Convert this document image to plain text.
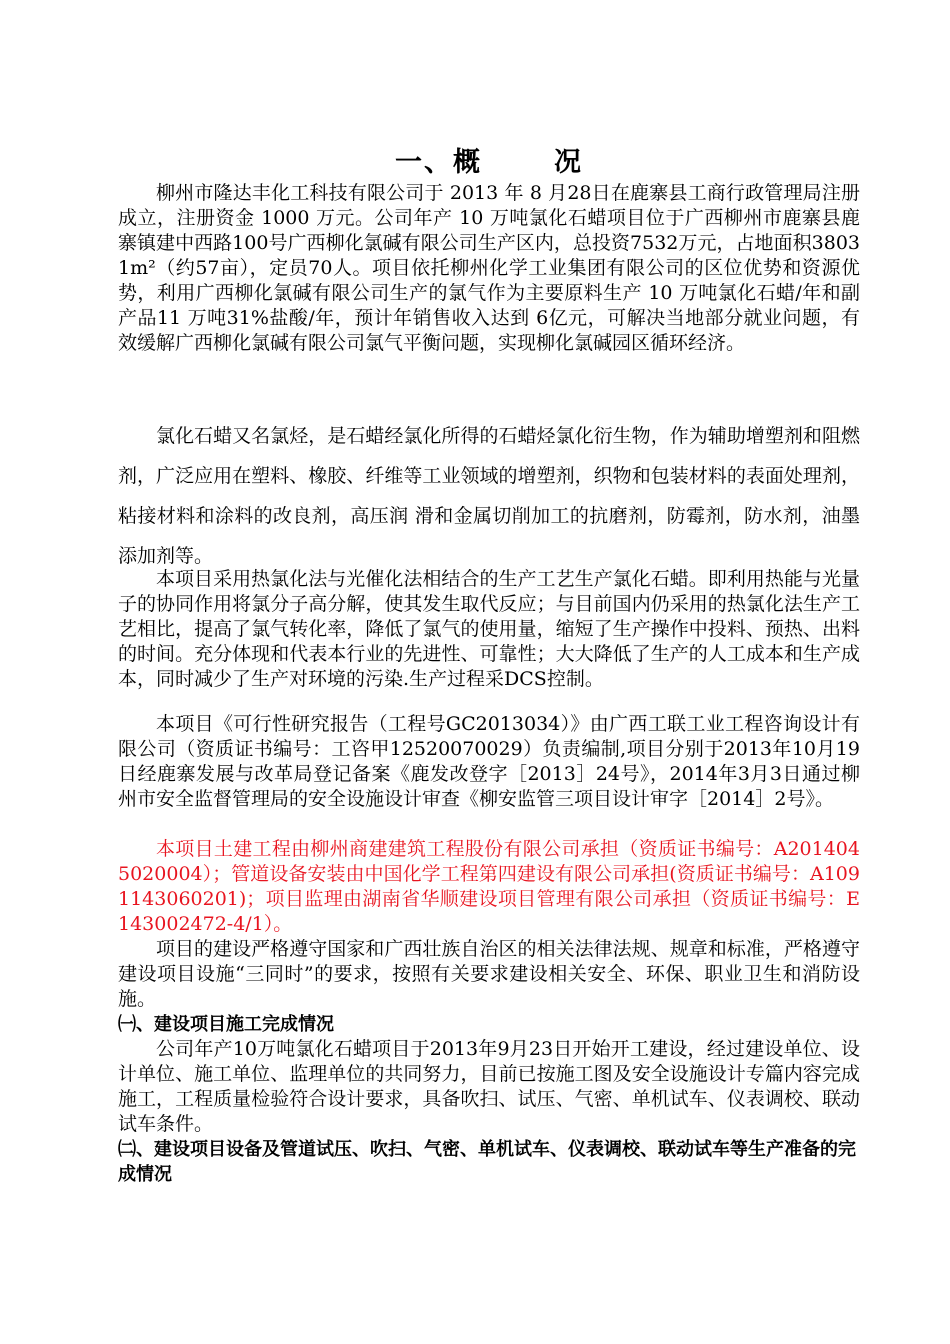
一、概	况

柳州市隆达丰化工科技有限公司于 2013 年 8 月28日在鹿寨县工商行政管理局注册成立，注册资金 1000 万元。公司年产 10 万吨氯化石蜡项目位于广西柳州市鹿寨县鹿寨镇建中西路100号广西柳化氯碱有限公司生产区内，总投资7532万元，占地面积38031m²（约57亩），定员70人。项目依托柳州化学工业集团有限公司的区位优势和资源优势，利用广西柳化氯碱有限公司生产的氯气作为主要原料生产 10 万吨氯化石蜡/年和副产品11 万吨31%盐酸/年，预计年销售收入达到 6亿元，可解决当地部分就业问题，有效缓解广西柳化氯碱有限公司氯气平衡问题，实现柳化氯碱园区循环经济。

氯化石蜡又名氯烃，是石蜡经氯化所得的石蜡烃氯化衍生物，作为辅助增塑剂和阻燃剂，广泛应用在塑料、橡胶、纤维等工业领域的增塑剂，织物和包装材料的表面处理剂，粘接材料和涂料的改良剂，高压润 滑和金属切削加工的抗磨剂，防霉剂，防水剂，油墨添加剂等。

本项目采用热氯化法与光催化法相结合的生产工艺生产氯化石蜡。即利用热能与光量子的协同作用将氯分子高分解，使其发生取代反应；与目前国内仍采用的热氯化法生产工艺相比，提高了氯气转化率，降低了氯气的使用量，缩短了生产操作中投料、预热、出料的时间。充分体现和代表本行业的先进性、可靠性；大大降低了生产的人工成本和生产成本，同时减少了生产对环境的污染.生产过程采DCS控制。

本项目《可行性研究报告（工程号GC2013034）》由广西工联工业工程咨询设计有限公司（资质证书编号：工咨甲12520070029）负责编制,项目分别于2013年10月19日经鹿寨发展与改革局登记备案《鹿发改登字［2013］24号》，2014年3月3日通过柳州市安全监督管理局的安全设施设计审查《柳安监管三项目设计审字［2014］2号》。

本项目土建工程由柳州商建建筑工程股份有限公司承担（资质证书编号：A2014045020004）；管道设备安装由中国化学工程第四建设有限公司承担(资质证书编号：A1091143060201)；项目监理由湖南省华顺建设项目管理有限公司承担（资质证书编号：E143002472-4/1）。

项目的建设严格遵守国家和广西壮族自治区的相关法律法规、规章和标准，严格遵守建设项目设施“三同时”的要求，按照有关要求建设相关安全、环保、职业卫生和消防设施。

㈠、建设项目施工完成情况

公司年产10万吨氯化石蜡项目于2013年9月23日开始开工建设，经过建设单位、设计单位、施工单位、监理单位的共同努力，目前已按施工图及安全设施设计专篇内容完成施工，工程质量检验符合设计要求，具备吹扫、试压、气密、单机试车、仪表调校、联动试车条件。

㈡、建设项目设备及管道试压、吹扫、气密、单机试车、仪表调校、联动试车等生产准备的完成情况
